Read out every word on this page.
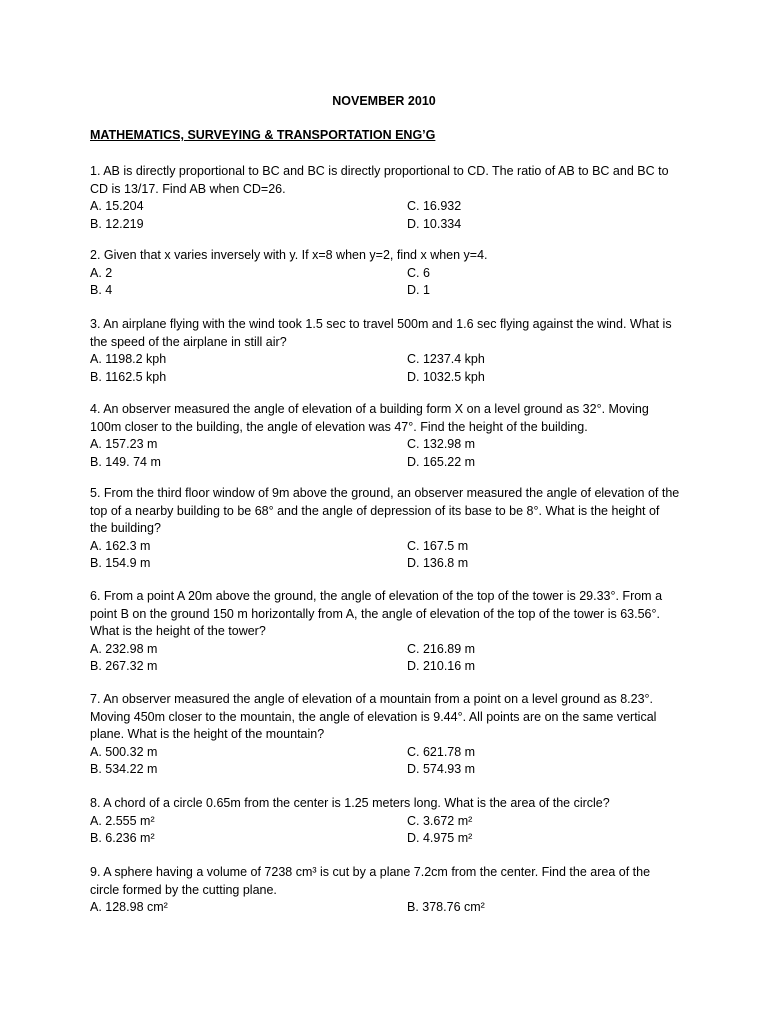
NOVEMBER 2010
MATHEMATICS, SURVEYING & TRANSPORTATION ENG’G

1. AB is directly proportional to BC and BC is directly proportional to CD. The ratio of AB to BC and BC to CD is 13/17. Find AB when CD=26.

A. 15.204	C. 16.932
B. 12.219	D. 10.334

2. Given that x varies inversely with y. If x=8 when y=2, find x when y=4.

A. 2	C. 6
B. 4	D. 1

3. An airplane flying with the wind took 1.5 sec to travel 500m and 1.6 sec flying against the wind. What is the speed of the airplane in still air?

A. 1198.2 kph	C. 1237.4 kph
B. 1162.5 kph	D. 1032.5 kph

4. An observer measured the angle of elevation of a building form X on a level ground as 32°. Moving 100m closer to the building, the angle of elevation was 47°. Find the height of the building.

A. 157.23 m	C. 132.98 m
B. 149. 74 m	D. 165.22 m

5. From the third floor window of 9m above the ground, an observer measured the angle of elevation of the top of a nearby building to be 68° and the angle of depression of its base to be 8°. What is the height of the building?

A. 162.3 m	C. 167.5 m
B. 154.9 m	D. 136.8 m

6. From a point A 20m above the ground, the angle of elevation of the top of the tower is 29.33°. From a point B on the ground 150 m horizontally from A, the angle of elevation of the top of the tower is 63.56°. What is the height of the tower?

A. 232.98 m	C. 216.89 m
B. 267.32 m	D. 210.16 m

7. An observer measured the angle of elevation of a mountain from a point on a level ground as 8.23°. Moving 450m closer to the mountain, the angle of elevation is 9.44°. All points are on the same vertical plane. What is the height of the mountain?

A. 500.32 m	C. 621.78 m
B. 534.22 m	D. 574.93 m

8. A chord of a circle 0.65m from the center is 1.25 meters long. What is the area of the circle?

A. 2.555 m²	C. 3.672 m²
B. 6.236 m²	D. 4.975 m²

9. A sphere having a volume of 7238 cm³ is cut by a plane 7.2cm from the center. Find the area of the circle formed by the cutting plane.

A. 128.98 cm²	B. 378.76 cm²
